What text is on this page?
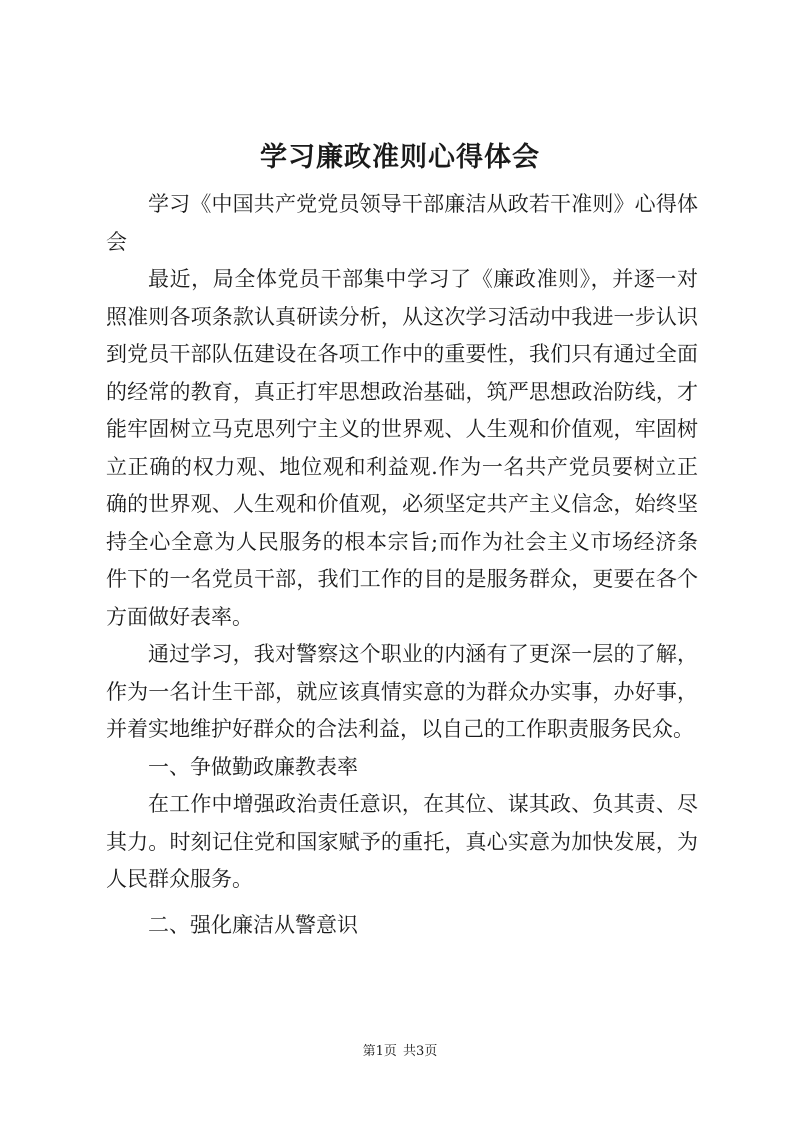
学习廉政准则心得体会

学习《中国共产党党员领导干部廉洁从政若干准则》心得体会

最近，局全体党员干部集中学习了《廉政准则》，并逐一对照准则各项条款认真研读分析，从这次学习活动中我进一步认识到党员干部队伍建设在各项工作中的重要性，我们只有通过全面的经常的教育，真正打牢思想政治基础，筑严思想政治防线，才能牢固树立马克思列宁主义的世界观、人生观和价值观，牢固树立正确的权力观、地位观和利益观.作为一名共产党员要树立正确的世界观、人生观和价值观，必须坚定共产主义信念，始终坚持全心全意为人民服务的根本宗旨;而作为社会主义市场经济条件下的一名党员干部，我们工作的目的是服务群众，更要在各个方面做好表率。

通过学习，我对警察这个职业的内涵有了更深一层的了解，作为一名计生干部，就应该真情实意的为群众办实事，办好事，并着实地维护好群众的合法利益，以自己的工作职责服务民众。

一、争做勤政廉教表率

在工作中增强政治责任意识，在其位、谋其政、负其责、尽其力。时刻记住党和国家赋予的重托，真心实意为加快发展，为人民群众服务。

二、强化廉洁从警意识

第1页 共3页
